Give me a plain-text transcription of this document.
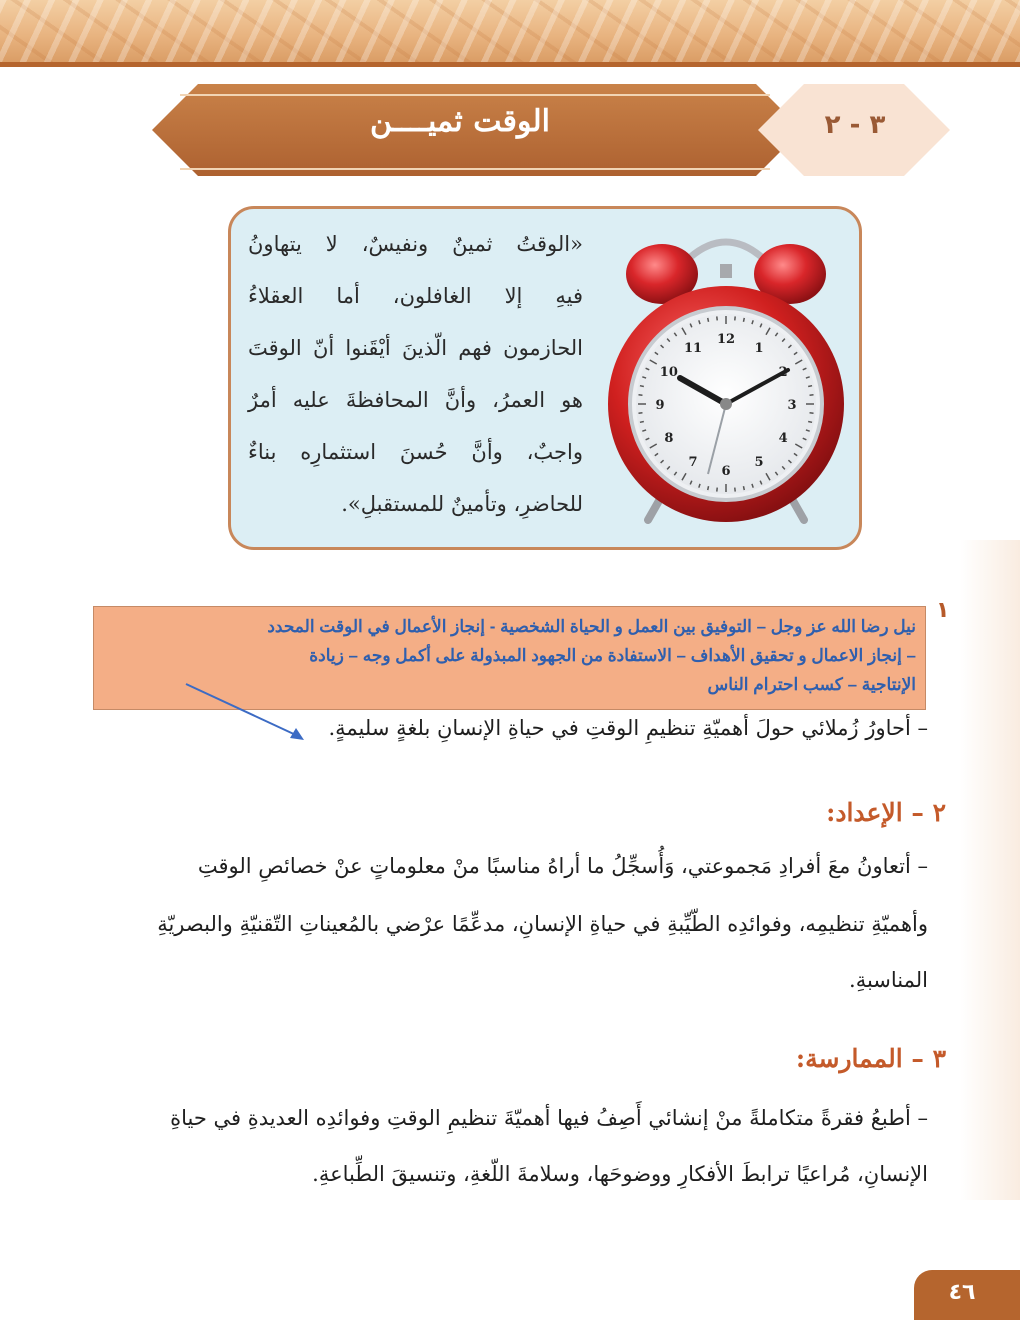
الوقت ثميــــن	٣ - ٢
«الوقتُ ثمينٌ ونفيسٌ، لا يتهاونُ
فيهِ إلا الغافلون، أما العقلاءُ
الحازمون فهم الّذينَ أيْقَنوا أنّ الوقتَ
هو العمرُ، وأنَّ المحافظةَ عليه أمرٌ
واجبٌ، وأنَّ حُسنَ استثمارِه بناءٌ
للحاضرِ، وتأمينٌ للمستقبلِ».
12
1
3
4
5
6
7
8
9
10
11
نيل رضا الله عز وجل – التوفيق بين العمل و الحياة الشخصية - إنجاز الأعمال في الوقت المحدد
– إنجاز الاعمال و تحقيق الأهداف – الاستفادة من الجهود المبذولة على أكمل وجه – زيادة
الإنتاجية – كسب احترام الناس
١
– أحاورُ زُملائي حولَ أهميّةِ تنظيمِ الوقتِ في حياةِ الإنسانِ بلغةٍ سليمةٍ.
٢ – الإعداد:
– أتعاونُ معَ أفرادِ مَجموعتي، وَأُسجِّلُ ما أراهُ مناسبًا منْ معلوماتٍ عنْ خصائصِ الوقتِ
وأهميّةِ تنظيمِه، وفوائدِه الطّيِّبةِ في حياةِ الإنسانِ، مدعِّمًا عرْضي بالمُعيناتِ التّقنيّةِ والبصريّةِ
المناسبةِ.
٣ – الممارسة:
– أطبعُ فقرةً متكاملةً منْ إنشائي أَصِفُ فيها أهميّةَ تنظيمِ الوقتِ وفوائدِه العديدةِ في حياةِ
الإنسانِ، مُراعيًا ترابطَ الأفكارِ ووضوحَها، وسلامةَ اللّغةِ، وتنسيقَ الطِّباعةِ.
٤٦
